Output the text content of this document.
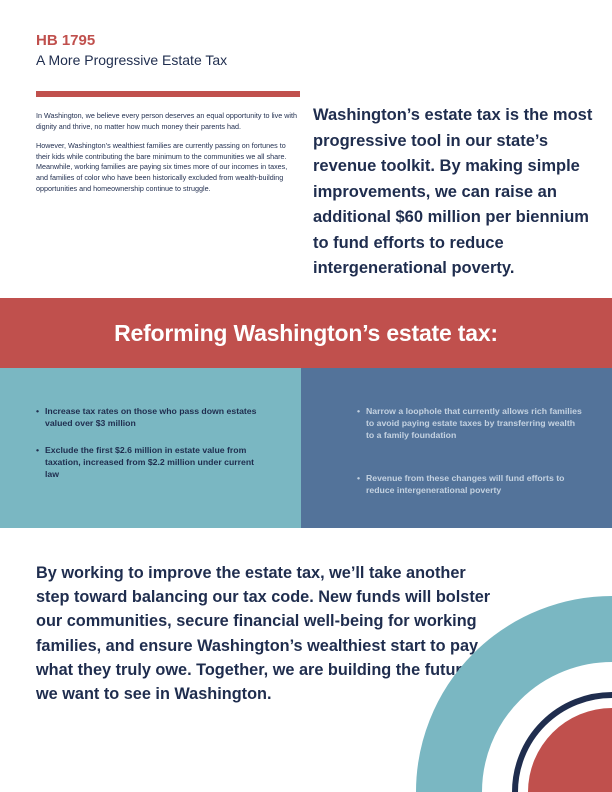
HB 1795
A More Progressive Estate Tax

In Washington, we believe every person deserves an equal opportunity to live with dignity and thrive, no matter how much money their parents had.

However, Washington’s wealthiest families are currently passing on fortunes to their kids while contributing the bare minimum to the communities we all share. Meanwhile, working families are paying six times more of our incomes in taxes, and families of color who have been historically excluded from wealth-building opportunities and homeownership continue to struggle.

Washington’s estate tax is the most progressive tool in our state’s revenue toolkit. By making simple improvements, we can raise an additional $60 million per biennium to fund efforts to reduce intergenerational poverty.
Reforming Washington’s estate tax:
• Increase tax rates on those who pass down estates valued over $3 million
• Exclude the first $2.6 million in estate value from taxation, increased from $2.2 million under current law
• Narrow a loophole that currently allows rich families to avoid paying estate taxes by transferring wealth to a family foundation
• Revenue from these changes will fund efforts to reduce intergenerational poverty
By working to improve the estate tax, we’ll take another step toward balancing our tax code. New funds will bolster our communities, secure financial well-being for working families, and ensure Washington’s wealthiest start to pay what they truly owe. Together, we are building the future we want to see in Washington.
